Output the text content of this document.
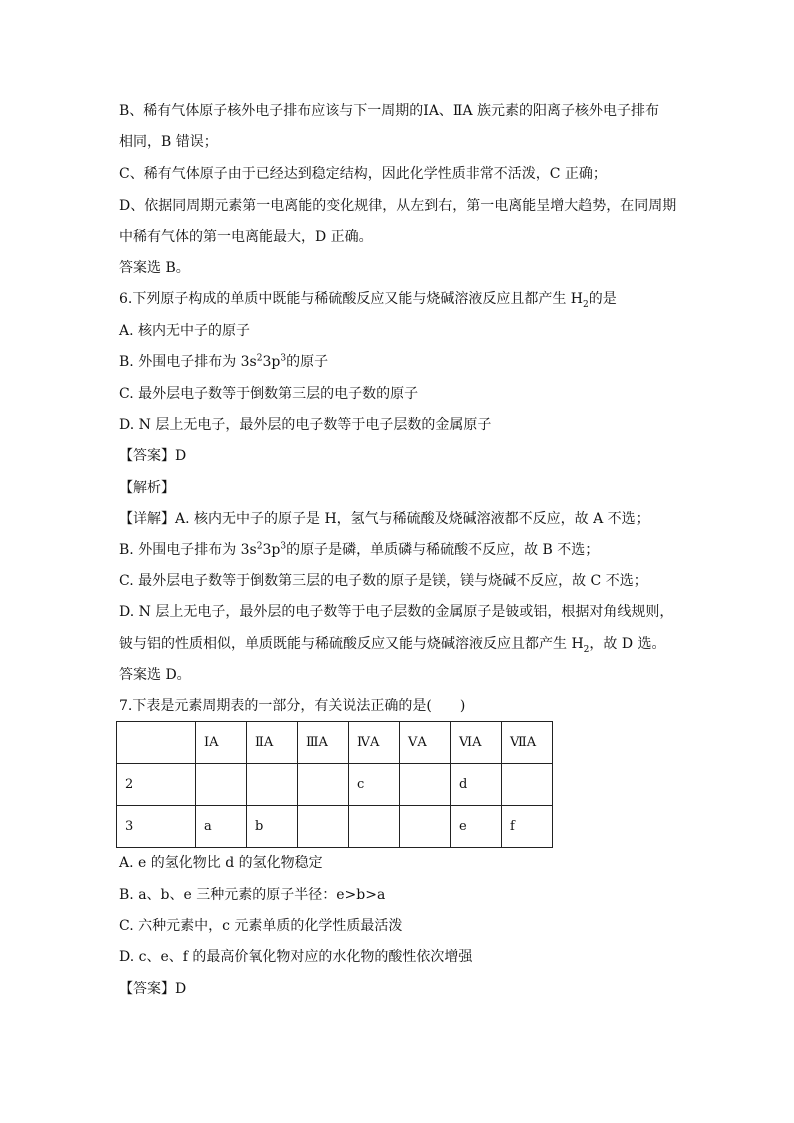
B、稀有气体原子核外电子排布应该与下一周期的ⅠA、ⅡA 族元素的阳离子核外电子排布
相同，B 错误；
C、稀有气体原子由于已经达到稳定结构，因此化学性质非常不活泼，C 正确；
D、依据同周期元素第一电离能的变化规律，从左到右，第一电离能呈增大趋势，在同周期
中稀有气体的第一电离能最大，D 正确。
答案选 B。
6.下列原子构成的单质中既能与稀硫酸反应又能与烧碱溶液反应且都产生 $H_2$的是
A. 核内无中子的原子
B. 外围电子排布为 $3s^23p^3$的原子
C. 最外层电子数等于倒数第三层的电子数的原子
D. N 层上无电子，最外层的电子数等于电子层数的金属原子
【答案】D
【解析】
【详解】A. 核内无中子的原子是 H，氢气与稀硫酸及烧碱溶液都不反应，故 A 不选；
B. 外围电子排布为 $3s^23p^3$的原子是磷，单质磷与稀硫酸不反应，故 B 不选；
C. 最外层电子数等于倒数第三层的电子数的原子是镁，镁与烧碱不反应，故 C 不选；
D. N 层上无电子，最外层的电子数等于电子层数的金属原子是铍或铝，根据对角线规则，
铍与铝的性质相似，单质既能与稀硫酸反应又能与烧碱溶液反应且都产生 $H_2$，故 D 选。
答案选 D。
7.下表是元素周期表的一部分，有关说法正确的是(　　)
	ⅠA	ⅡA	ⅢA	ⅣA	ⅤA	ⅥA	ⅦA
2				c		d	
3	a	b				e	f
A. e 的氢化物比 d 的氢化物稳定
B. a、b、e 三种元素的原子半径：e>b>a
C. 六种元素中，c 元素单质的化学性质最活泼
D. c、e、f 的最高价氧化物对应的水化物的酸性依次增强
【答案】D
